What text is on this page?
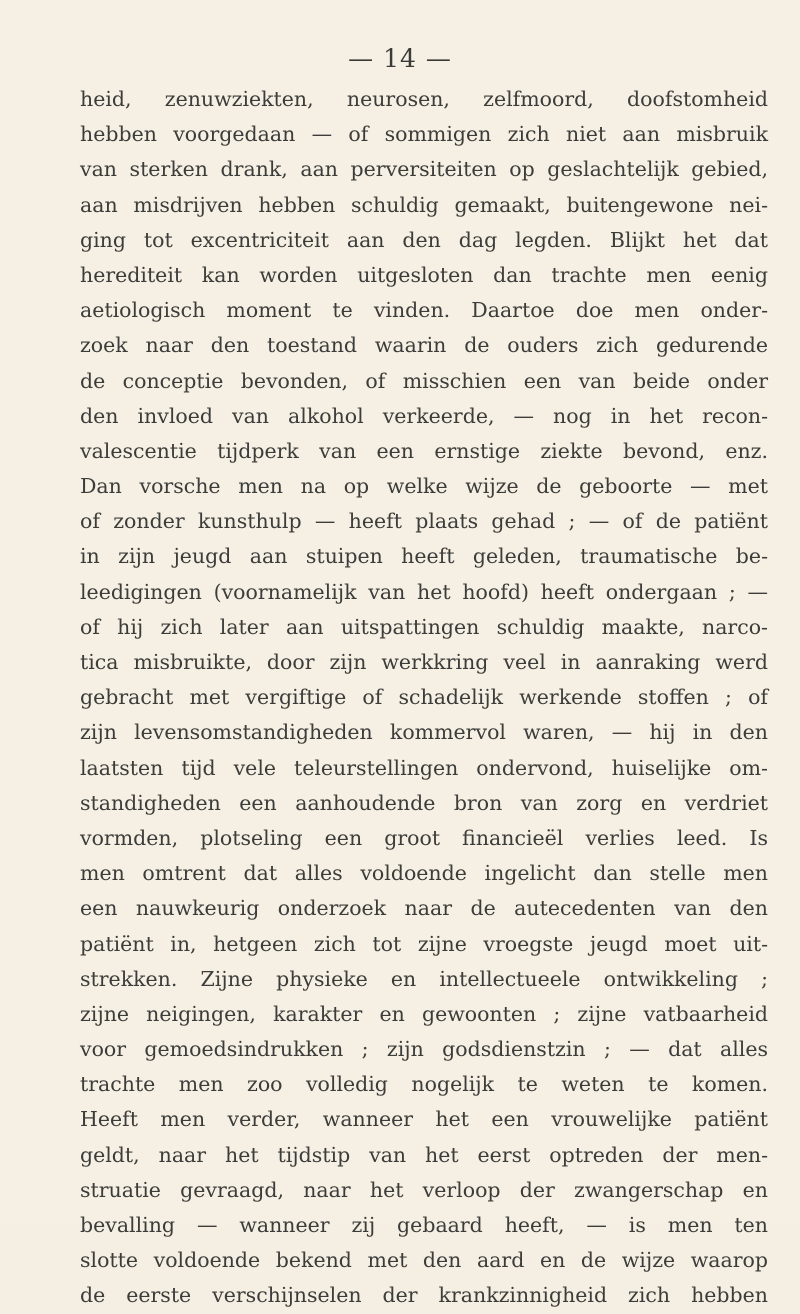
— 14 —
heid, zenuwziekten, neurosen, zelfmoord, doofstomheid
hebben voorgedaan — of sommigen zich niet aan misbruik
van sterken drank, aan perversiteiten op geslachtelijk gebied,
aan misdrijven hebben schuldig gemaakt, buitengewone nei-
ging tot excentriciteit aan den dag legden. Blijkt het dat
herediteit kan worden uitgesloten dan trachte men eenig
aetiologisch moment te vinden. Daartoe doe men onder-
zoek naar den toestand waarin de ouders zich gedurende
de conceptie bevonden, of misschien een van beide onder
den invloed van alkohol verkeerde, — nog in het recon-
valescentie tijdperk van een ernstige ziekte bevond, enz.
Dan vorsche men na op welke wijze de geboorte — met
of zonder kunsthulp — heeft plaats gehad ; — of de patiënt
in zijn jeugd aan stuipen heeft geleden, traumatische be-
leedigingen (voornamelijk van het hoofd) heeft ondergaan ; —
of hij zich later aan uitspattingen schuldig maakte, narco-
tica misbruikte, door zijn werkkring veel in aanraking werd
gebracht met vergiftige of schadelijk werkende stoffen ; of
zijn levensomstandigheden kommervol waren, — hij in den
laatsten tijd vele teleurstellingen ondervond, huiselijke om-
standigheden een aanhoudende bron van zorg en verdriet
vormden, plotseling een groot financieël verlies leed. Is
men omtrent dat alles voldoende ingelicht dan stelle men
een nauwkeurig onderzoek naar de autecedenten van den
patiënt in, hetgeen zich tot zijne vroegste jeugd moet uit-
strekken. Zijne physieke en intellectueele ontwikkeling ;
zijne neigingen, karakter en gewoonten ; zijne vatbaarheid
voor gemoedsindrukken ; zijn godsdienstzin ; — dat alles
trachte men zoo volledig nogelijk te weten te komen.
Heeft men verder, wanneer het een vrouwelijke patiënt
geldt, naar het tijdstip van het eerst optreden der men-
struatie gevraagd, naar het verloop der zwangerschap en
bevalling — wanneer zij gebaard heeft, — is men ten
slotte voldoende bekend met den aard en de wijze waarop
de eerste verschijnselen der krankzinnigheid zich hebben
